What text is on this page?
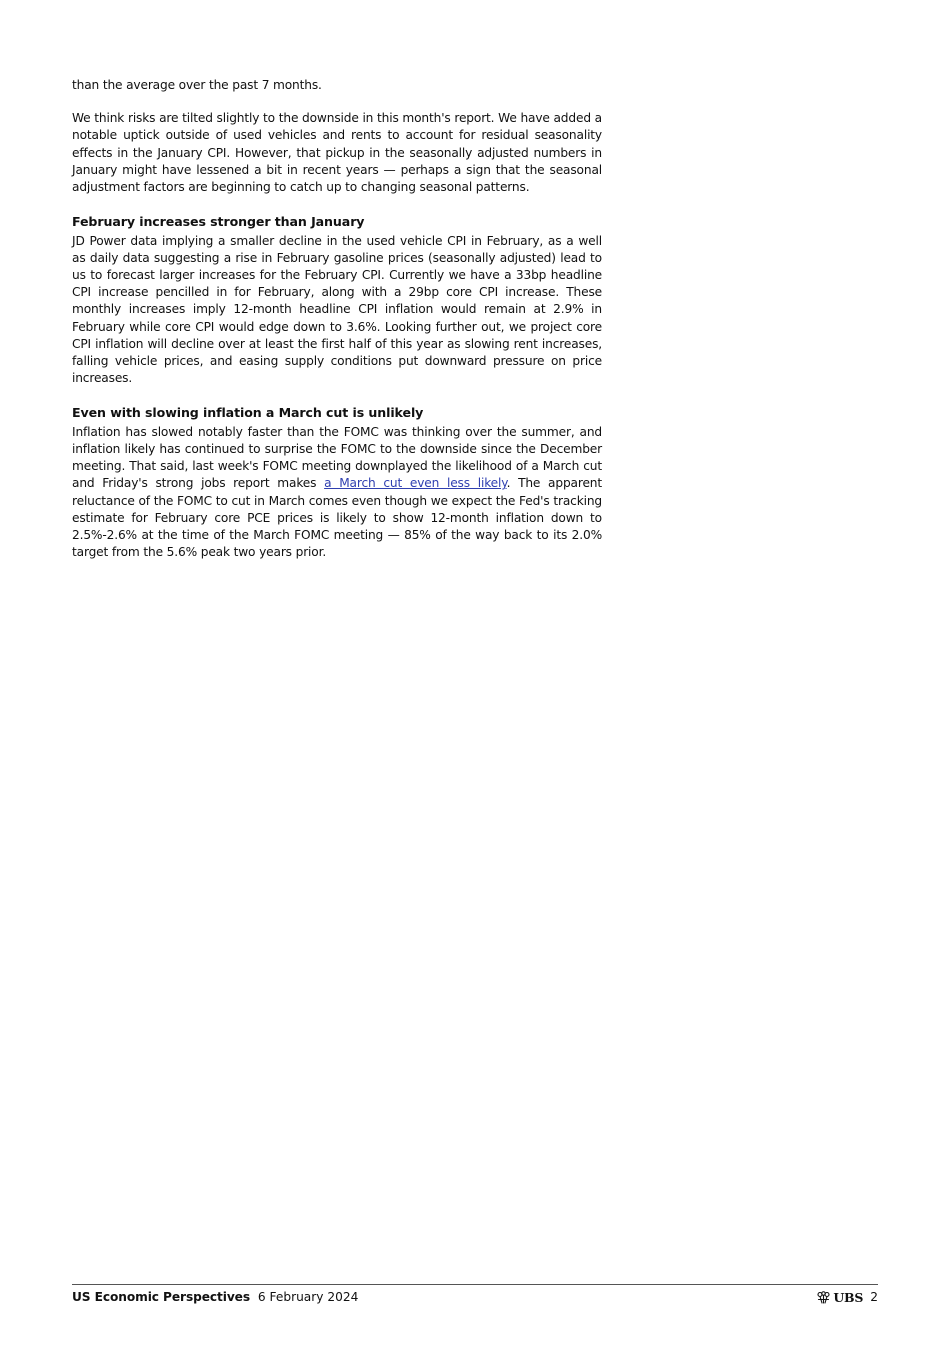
than the average over the past 7 months.

We think risks are tilted slightly to the downside in this month's report. We have added a notable uptick outside of used vehicles and rents to account for residual seasonality effects in the January CPI. However, that pickup in the seasonally adjusted numbers in January might have lessened a bit in recent years — perhaps a sign that the seasonal adjustment factors are beginning to catch up to changing seasonal patterns.

February increases stronger than January

JD Power data implying a smaller decline in the used vehicle CPI in February, as a well as daily data suggesting a rise in February gasoline prices (seasonally adjusted) lead to us to forecast larger increases for the February CPI. Currently we have a 33bp headline CPI increase pencilled in for February, along with a 29bp core CPI increase. These monthly increases imply 12-month headline CPI inflation would remain at 2.9% in February while core CPI would edge down to 3.6%. Looking further out, we project core CPI inflation will decline over at least the first half of this year as slowing rent increases, falling vehicle prices, and easing supply conditions put downward pressure on price increases.

Even with slowing inflation a March cut is unlikely

Inflation has slowed notably faster than the FOMC was thinking over the summer, and inflation likely has continued to surprise the FOMC to the downside since the December meeting. That said, last week's FOMC meeting downplayed the likelihood of a March cut and Friday's strong jobs report makes a March cut even less likely. The apparent reluctance of the FOMC to cut in March comes even though we expect the Fed's tracking estimate for February core PCE prices is likely to show 12-month inflation down to 2.5%-2.6% at the time of the March FOMC meeting — 85% of the way back to its 2.0% target from the 5.6% peak two years prior.

US Economic Perspectives 6 February 2024	UBS 2
